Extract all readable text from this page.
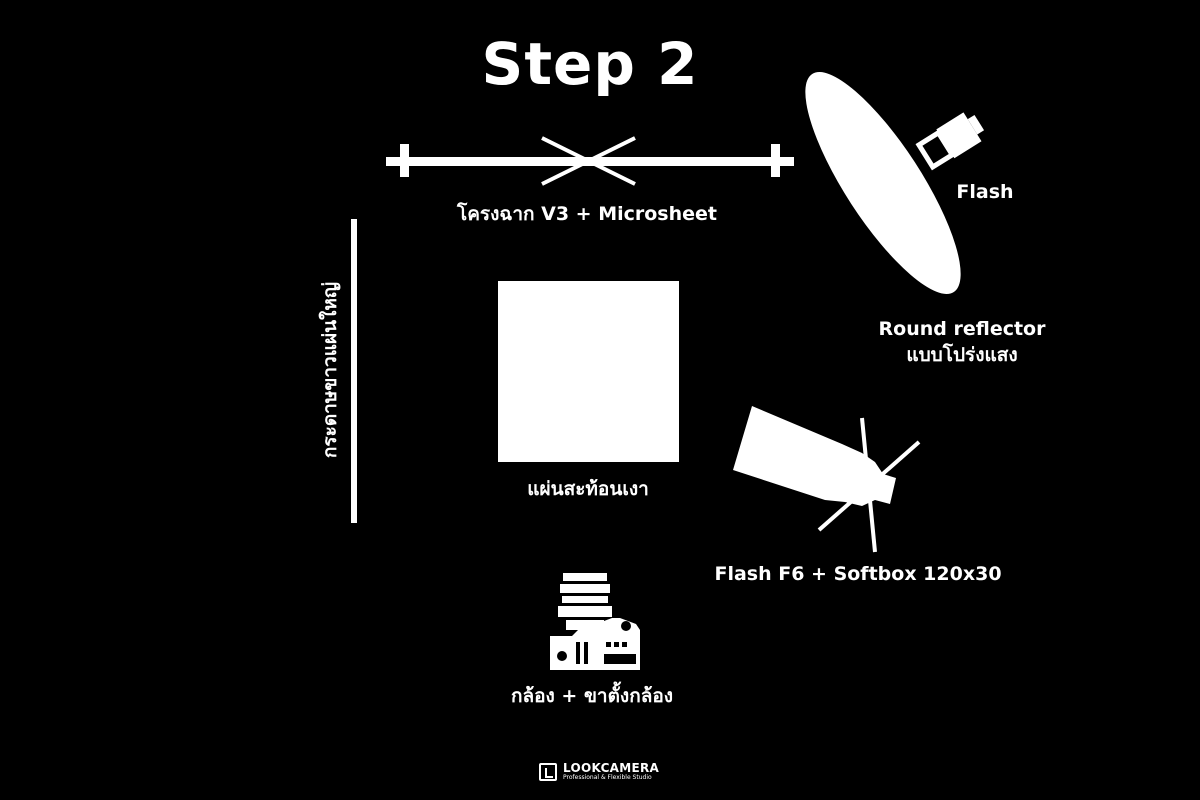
Step 2
โครงฉาก V3 + Microsheet
Flash
Round reflector
แบบโปร่งแสง
กระดาษขาวแผ่นใหญ่
แผ่นสะท้อนเงา
Flash F6 + Softbox 120x30
กล้อง + ขาตั้งกล้อง
LOOKCAMERA
Professional & Flexible Studio
